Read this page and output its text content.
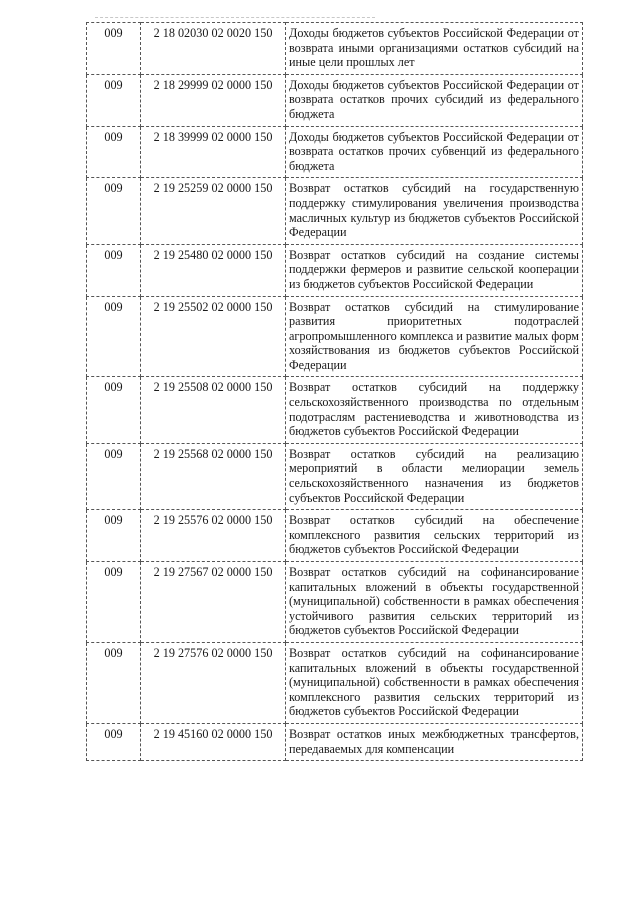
009	2 18 02030 02 0020 150	Доходы бюджетов субъектов Российской Федерации от возврата иными организациями остатков субсидий на иные цели прошлых лет
009	2 18 29999 02 0000 150	Доходы бюджетов субъектов Российской Федерации от возврата остатков прочих субсидий из федерального бюджета
009	2 18 39999 02 0000 150	Доходы бюджетов субъектов Российской Федерации от возврата остатков прочих субвенций из федерального бюджета
009	2 19 25259 02 0000 150	Возврат остатков субсидий на государственную поддержку стимулирования увеличения производства масличных культур из бюджетов субъектов Российской Федерации
009	2 19 25480 02 0000 150	Возврат остатков субсидий на создание системы поддержки фермеров и развитие сельской кооперации из бюджетов субъектов Российской Федерации
009	2 19 25502 02 0000 150	Возврат остатков субсидий на стимулирование развития приоритетных подотраслей агропромышленного комплекса и развитие малых форм хозяйствования из бюджетов субъектов Российской Федерации
009	2 19 25508 02 0000 150	Возврат остатков субсидий на поддержку сельскохозяйственного производства по отдельным подотраслям растениеводства и животноводства из бюджетов субъектов Российской Федерации
009	2 19 25568 02 0000 150	Возврат остатков субсидий на реализацию мероприятий в области мелиорации земель сельскохозяйственного назначения из бюджетов субъектов Российской Федерации
009	2 19 25576 02 0000 150	Возврат остатков субсидий на обеспечение комплексного развития сельских территорий из бюджетов субъектов Российской Федерации
009	2 19 27567 02 0000 150	Возврат остатков субсидий на софинансирование капитальных вложений в объекты государственной (муниципальной) собственности в рамках обеспечения устойчивого развития сельских территорий из бюджетов субъектов Российской Федерации
009	2 19 27576 02 0000 150	Возврат остатков субсидий на софинансирование капитальных вложений в объекты государственной (муниципальной) собственности в рамках обеспечения комплексного развития сельских территорий из бюджетов субъектов Российской Федерации
009	2 19 45160 02 0000 150	Возврат остатков иных межбюджетных трансфертов, передаваемых для компенсации
